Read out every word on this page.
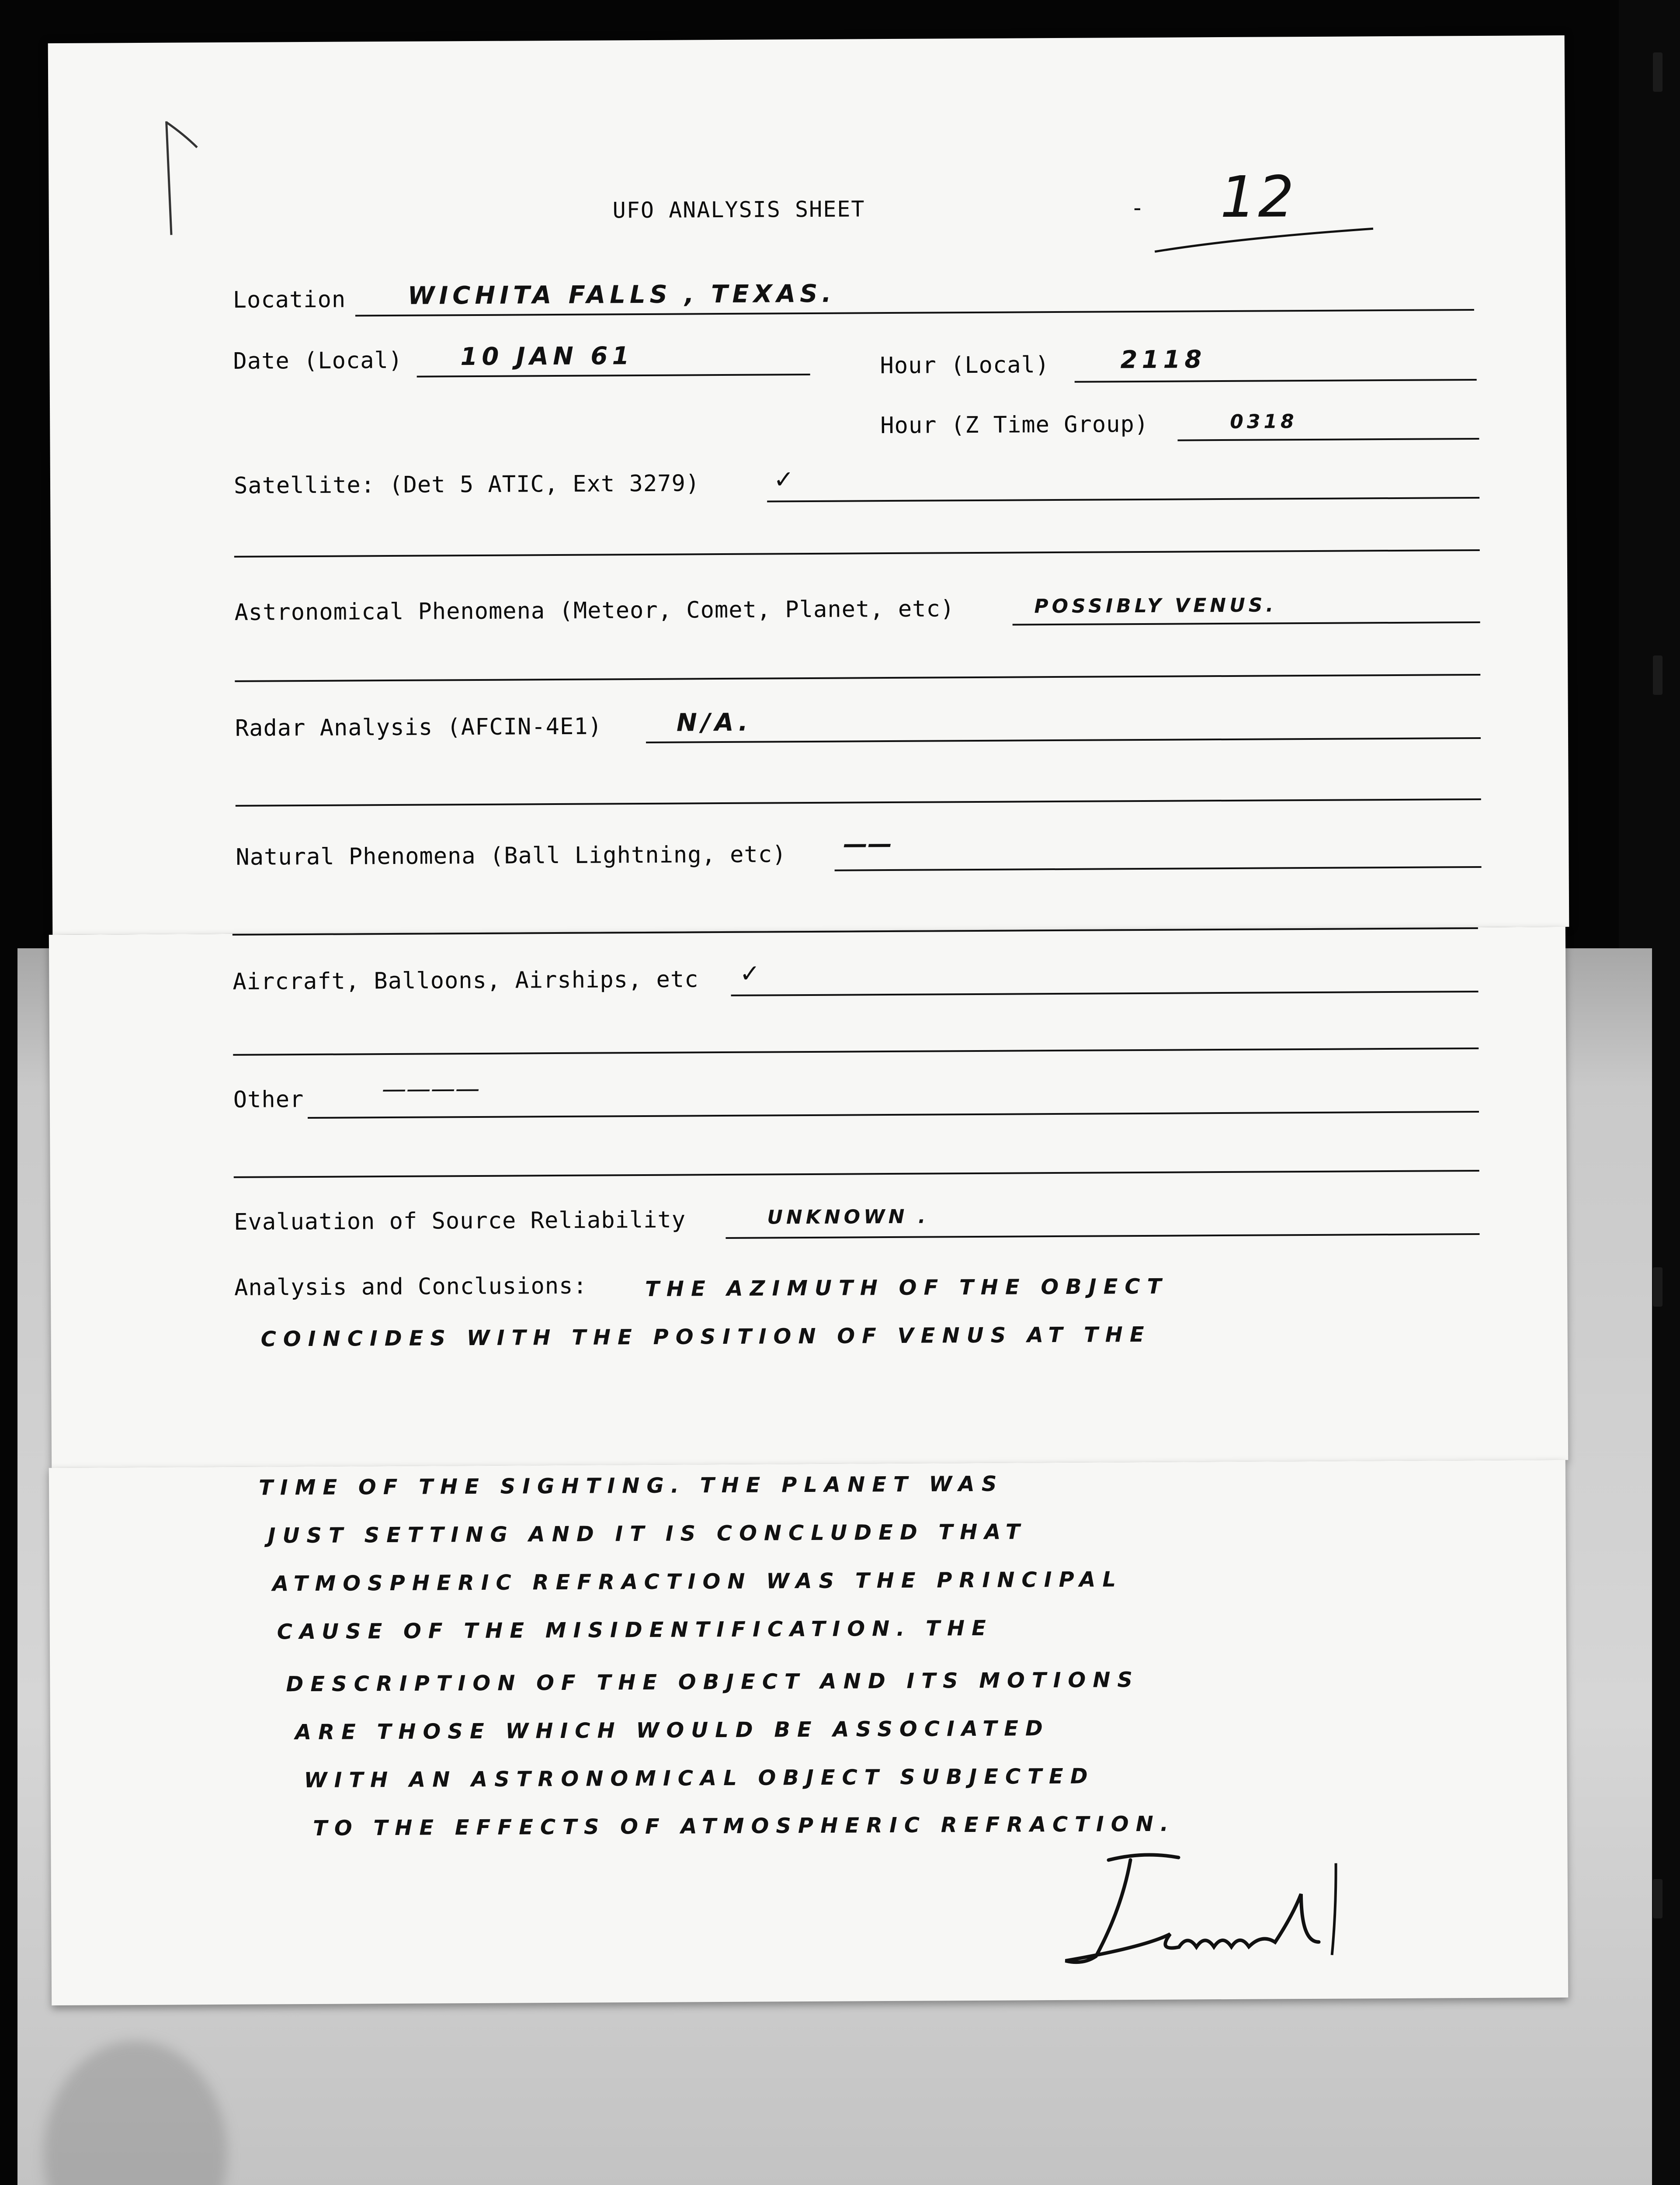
UFO ANALYSIS SHEET	12
-
Location	WICHITA FALLS , TEXAS.
Date (Local) 10 JAN 61	Hour (Local)	2118
Hour (Z Time Group)	0318
Satellite: (Det 5 ATIC, Ext 3279)	✓
Astronomical Phenomena (Meteor, Comet, Planet, etc)	POSSIBLY VENUS.
Radar Analysis (AFCIN-4E1)	N/A.
Natural Phenomena (Ball Lightning, etc) ——
Aircraft, Balloons, Airships, etc ✓
Other	————
Evaluation of Source Reliability	UNKNOWN .
Analysis and Conclusions:	THE AZIMUTH OF THE OBJECT
COINCIDES WITH THE POSITION OF VENUS AT THE
TIME OF THE SIGHTING. THE PLANET WAS
JUST SETTING AND IT IS CONCLUDED THAT
ATMOSPHERIC REFRACTION WAS THE PRINCIPAL
CAUSE OF THE MISIDENTIFICATION. THE
DESCRIPTION OF THE OBJECT AND ITS MOTIONS
ARE THOSE WHICH WOULD BE ASSOCIATED
WITH AN ASTRONOMICAL OBJECT SUBJECTED
TO THE EFFECTS OF ATMOSPHERIC REFRACTION.
